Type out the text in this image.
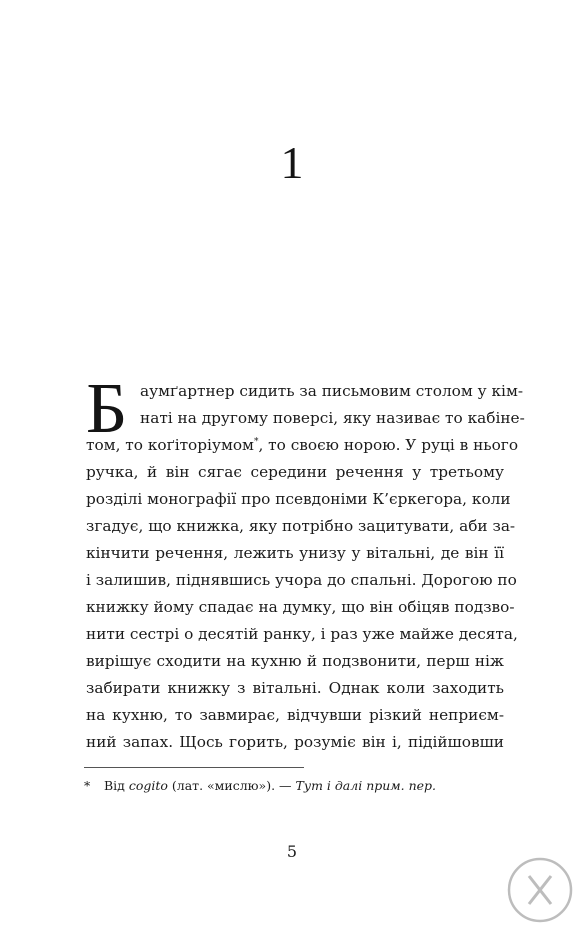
1
Б аумґартнер сидить за письмовим столом у кім-
наті на другому поверсі, яку називає то кабіне-
том, то коґіторіумом*, то своєю норою. У руці в нього
ручка, й він сягає середини речення у третьому
розділі монографії про псевдоніми К’єркегора, коли
згадує, що книжка, яку потрібно зацитувати, аби за-
кінчити речення, лежить унизу у вітальні, де він її
і залишив, піднявшись учора до спальні. Дорогою по
книжку йому спадає на думку, що він обіцяв подзво-
нити сестрі о десятій ранку, і раз уже майже десята,
вирішує сходити на кухню й подзвонити, перш ніж
забирати книжку з вітальні. Однак коли заходить
на кухню, то завмирає, відчувши різкий неприєм-
ний запах. Щось горить, розуміє він і, підійшовши
* Від cogito (лат. «мислю»). — Тут і далі прим. пер.
5
